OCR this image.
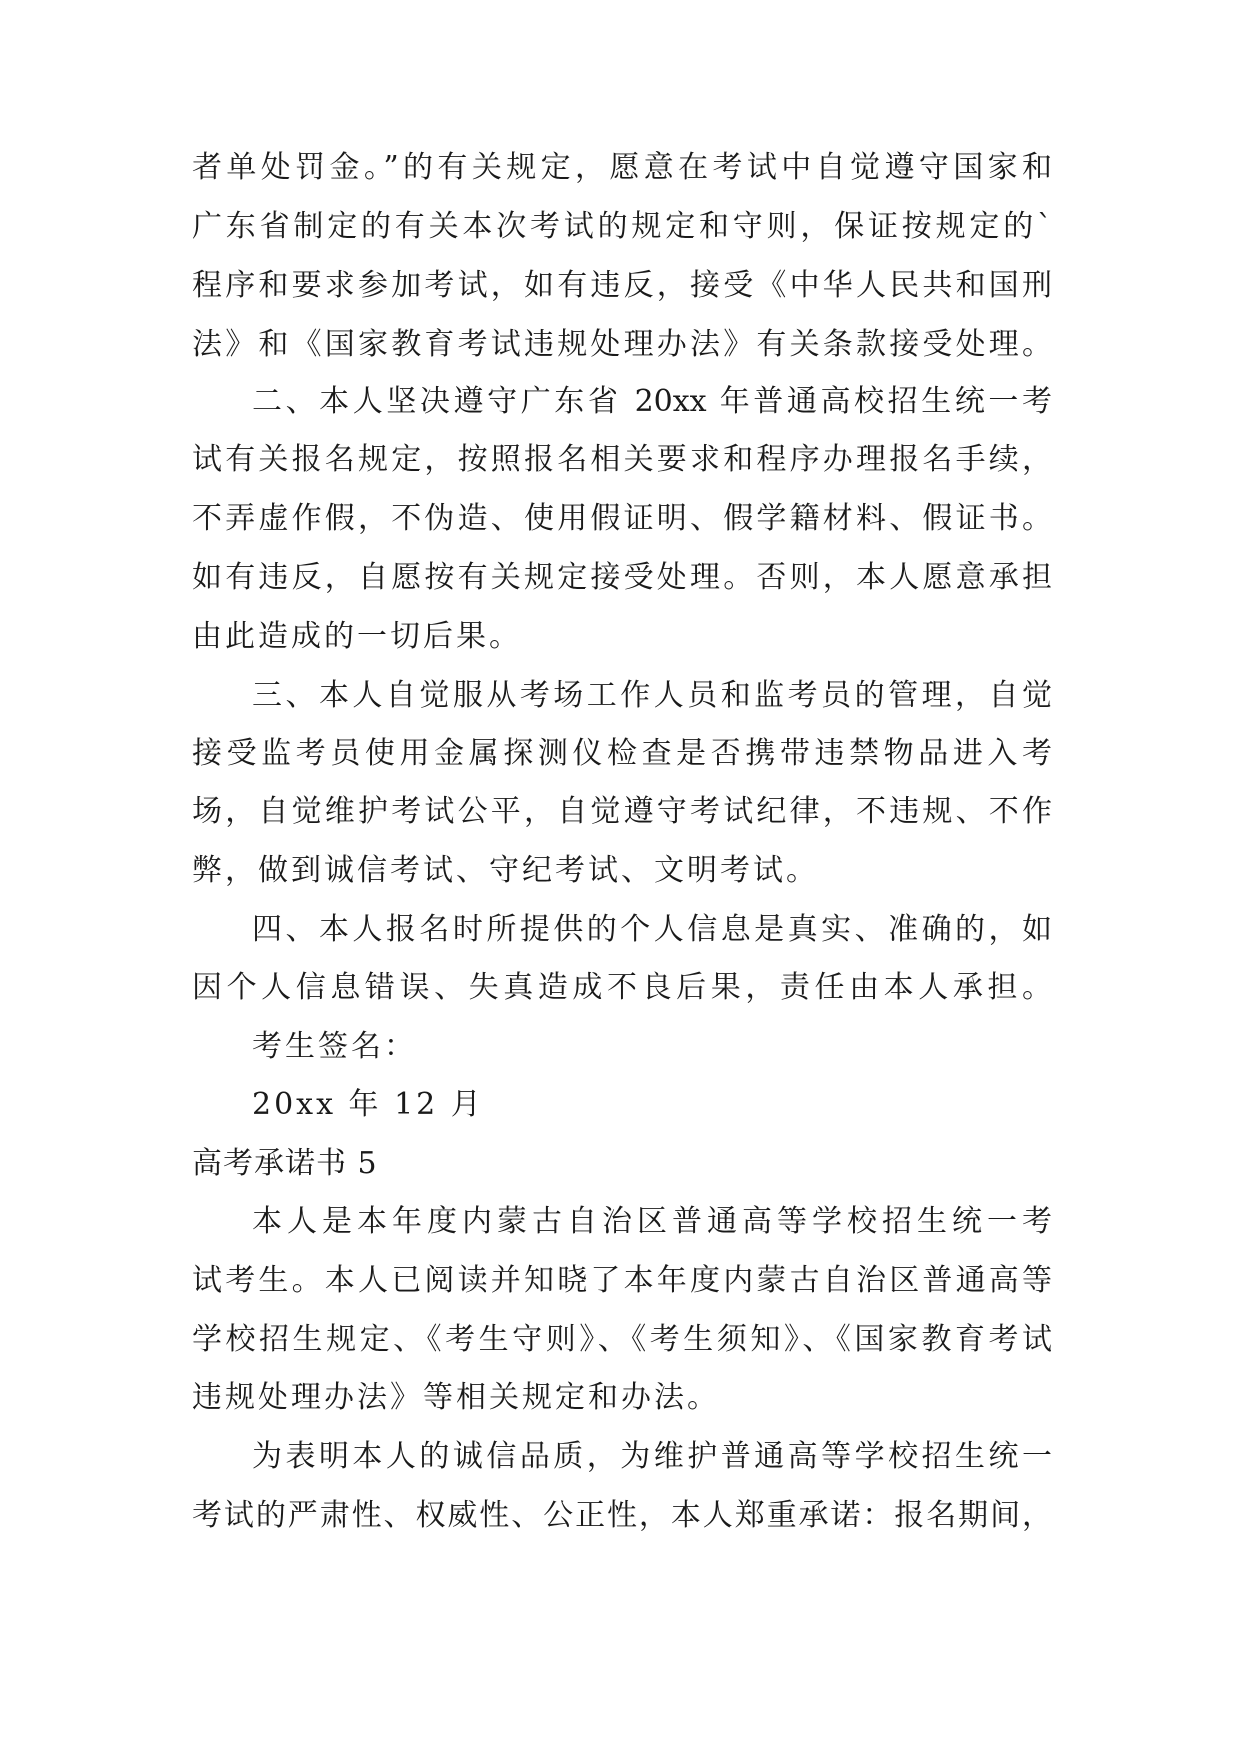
者单处罚金。”的有关规定，愿意在考试中自觉遵守国家和
广东省制定的有关本次考试的规定和守则，保证按规定的`
程序和要求参加考试，如有违反，接受《中华人民共和国刑
法》和《国家教育考试违规处理办法》有关条款接受处理。
二、本人坚决遵守广东省 20xx 年普通高校招生统一考
试有关报名规定，按照报名相关要求和程序办理报名手续，
不弄虚作假，不伪造、使用假证明、假学籍材料、假证书。
如有违反，自愿按有关规定接受处理。否则，本人愿意承担
由此造成的一切后果。
三、本人自觉服从考场工作人员和监考员的管理，自觉
接受监考员使用金属探测仪检查是否携带违禁物品进入考
场，自觉维护考试公平，自觉遵守考试纪律，不违规、不作
弊，做到诚信考试、守纪考试、文明考试。
四、本人报名时所提供的个人信息是真实、准确的，如
因个人信息错误、失真造成不良后果，责任由本人承担。
考生签名：
20xx 年 12 月
高考承诺书 5
本人是本年度内蒙古自治区普通高等学校招生统一考
试考生。本人已阅读并知晓了本年度内蒙古自治区普通高等
学校招生规定、《考生守则》、《考生须知》、《国家教育考试
违规处理办法》等相关规定和办法。
为表明本人的诚信品质，为维护普通高等学校招生统一
考试的严肃性、权威性、公正性，本人郑重承诺：报名期间，
